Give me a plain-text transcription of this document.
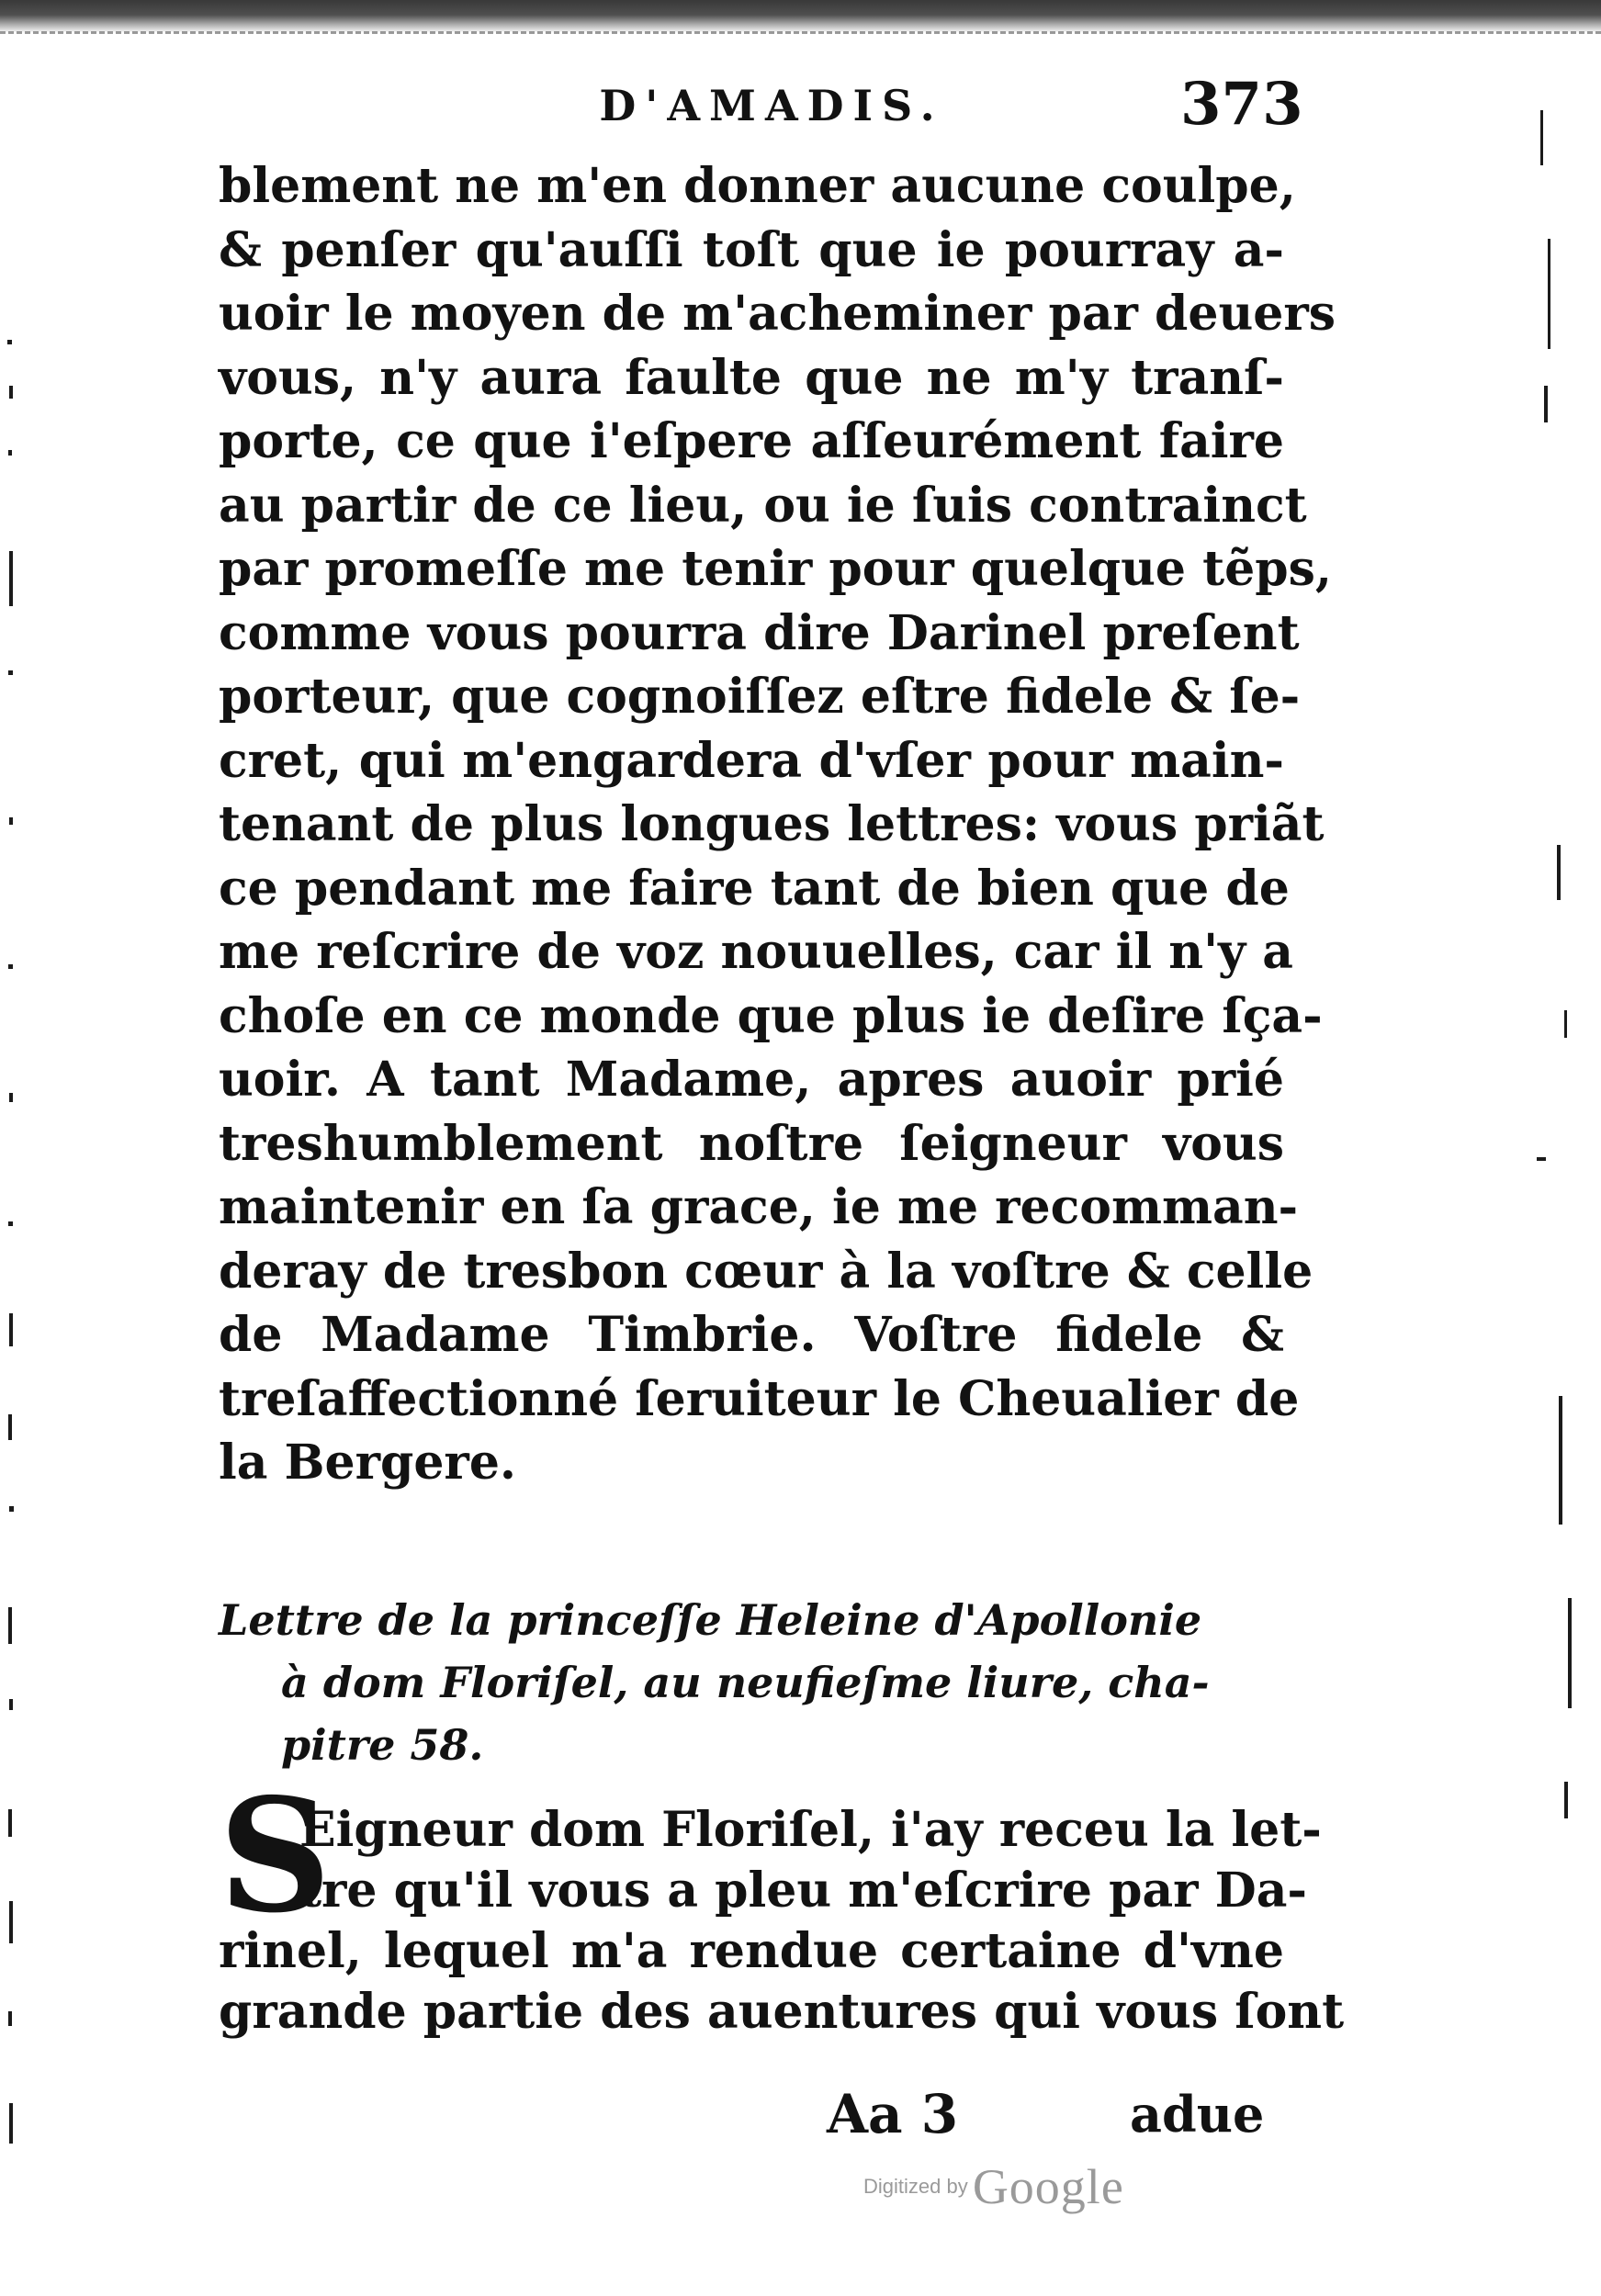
D'AMADIS.	373
blement ne m'en donner aucune coulpe,
& penſer qu'auſſi toſt que ie pourray a-
uoir le moyen de m'acheminer par deuers
vous, n'y aura faulte que ne m'y tranſ-
porte, ce que i'eſpere aſſeurément faire
au partir de ce lieu, ou ie ſuis contrainct
par promeſſe me tenir pour quelque tẽps,
comme vous pourra dire Darinel preſent
porteur, que cognoiſſez eſtre fidele & ſe-
cret, qui m'engardera d'vſer pour main-
tenant de plus longues lettres: vous priãt
ce pendant me faire tant de bien que de
me reſcrire de voz nouuelles, car il n'y a
choſe en ce monde que plus ie deſire ſça-
uoir. A tant Madame, apres auoir prié
treshumblement noſtre ſeigneur vous
maintenir en ſa grace, ie me recomman-
deray de tresbon cœur à la voſtre & celle
de Madame Timbrie. Voſtre fidele &
treſaffectionné ſeruiteur le Cheualier de
la Bergere.
Lettre de la princeſſe Heleine d'Apollonie
à dom Floriſel, au neufieſme liure, cha-
pitre 58.
S
Eigneur dom Floriſel, i'ay receu la let-
tre qu'il vous a pleu m'eſcrire par Da-
rinel, lequel m'a rendue certaine d'vne
grande partie des auentures qui vous ſont
Aa 3	adue
Digitized by Google
